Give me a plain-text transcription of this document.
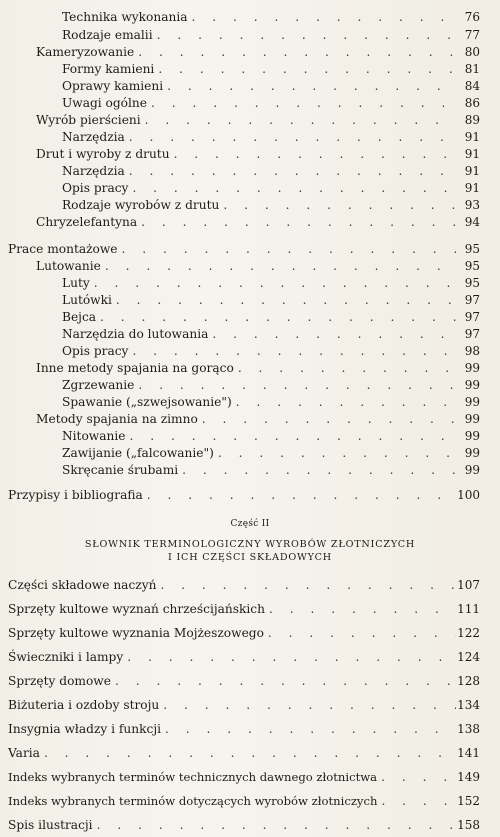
Technika wykonania . . .	76
Rodzaje emalii . . .	77
Kameryzowanie . . .	80
Formy kamieni . . .	81
Oprawy kamieni . . .	84
Uwagi ogólne . . .	86
Wyrób pierścieni . . .	89
Narzędzia . . .	91
Drut i wyroby z drutu . . .	91
Narzędzia . . .	91
Opis pracy . . .	91
Rodzaje wyrobów z drutu . . .	93
Chryzelefantyna . . .	94
Prace montażowe . . .	95
Lutowanie . . .	95
Luty . . .	95
Lutówki . . .	97
Bejca . . .	97
Narzędzia do lutowania . . .	97
Opis pracy . . .	98
Inne metody spajania na gorąco . . .	99
Zgrzewanie . . .	99
Spawanie („szwejsowanie") . . .	99
Metody spajania na zimno . . .	99
Nitowanie . . .	99
Zawijanie („falcowanie") . . .	99
Skręcanie śrubami . . .	99
Przypisy i bibliografia . . .	100
Część II
SŁOWNIK TERMINOLOGICZNY WYROBÓW ZŁOTNICZYCH
I ICH CZĘŚCI SKŁADOWYCH
Części składowe naczyń . . .	107
Sprzęty kultowe wyznań chrześcijańskich . . .	111
Sprzęty kultowe wyznania Mojżeszowego . . .	122
Świeczniki i lampy . . .	124
Sprzęty domowe . . .	128
Biżuteria i ozdoby stroju . . .	134
Insygnia władzy i funkcji . . .	138
Varia . . .	141
Indeks wybranych terminów technicznych dawnego złotnictwa . . .	149
Indeks wybranych terminów dotyczących wyrobów złotniczych . . .	152
Spis ilustracji . . .	158
